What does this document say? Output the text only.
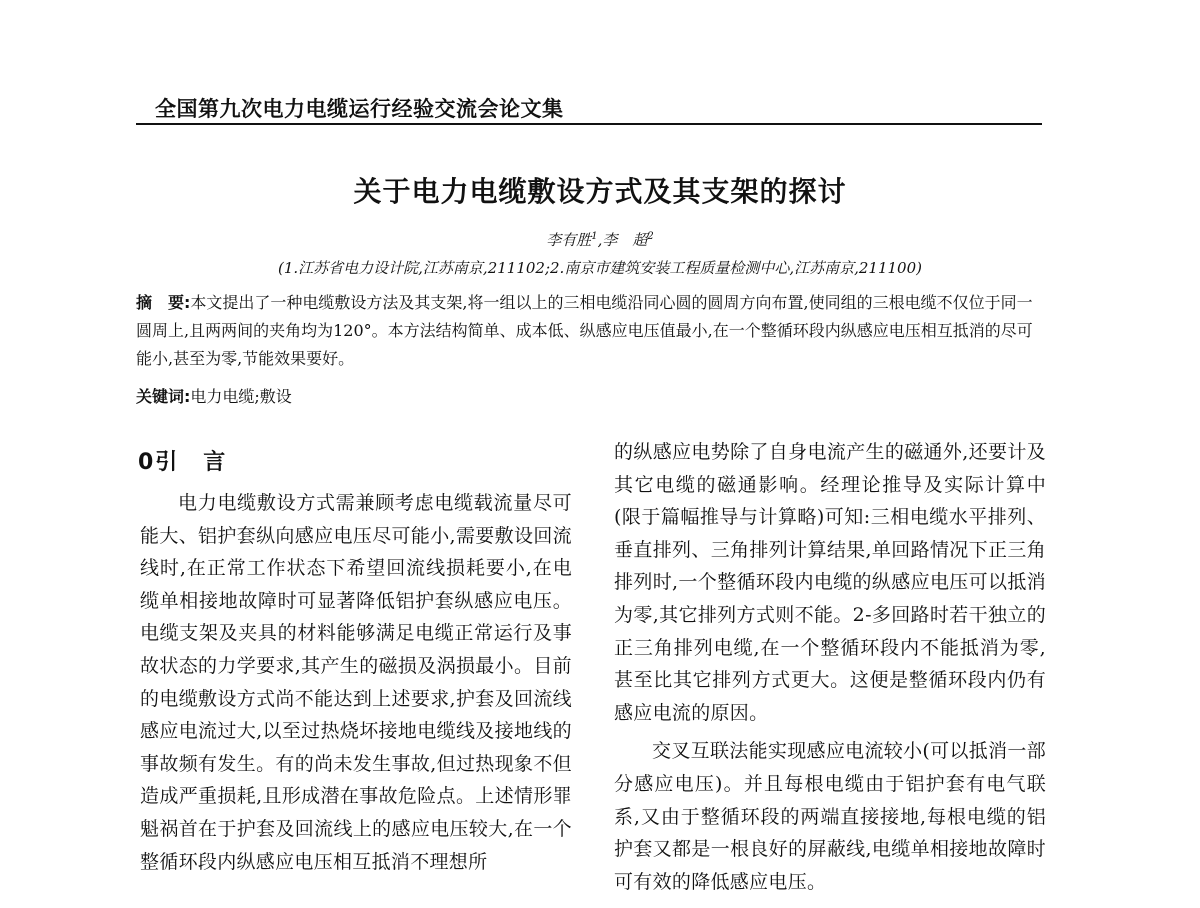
全国第九次电力电缆运行经验交流会论文集
关于电力电缆敷设方式及其支架的探讨
李有胜$^1$,李　超$^2$
(1.江苏省电力设计院,江苏南京,211102;2.南京市建筑安装工程质量检测中心,江苏南京,211100)
摘　要:本文提出了一种电缆敷设方法及其支架,将一组以上的三相电缆沿同心圆的圆周方向布置,使同组的三根电缆不仅位于同一圆周上,且两两间的夹角均为120°。本方法结构简单、成本低、纵感应电压值最小,在一个整循环段内纵感应电压相互抵消的尽可能小,甚至为零,节能效果要好。
关键词:电力电缆;敷设
0引　言

电力电缆敷设方式需兼顾考虑电缆载流量尽可能大、铝护套纵向感应电压尽可能小,需要敷设回流线时,在正常工作状态下希望回流线损耗要小,在电缆单相接地故障时可显著降低铝护套纵感应电压。电缆支架及夹具的材料能够满足电缆正常运行及事故状态的力学要求,其产生的磁损及涡损最小。目前的电缆敷设方式尚不能达到上述要求,护套及回流线感应电流过大,以至过热烧坏接地电缆线及接地线的事故频有发生。有的尚未发生事故,但过热现象不但造成严重损耗,且形成潜在事故危险点。上述情形罪魁祸首在于护套及回流线上的感应电压较大,在一个整循环段内纵感应电压相互抵消不理想所

的纵感应电势除了自身电流产生的磁通外,还要计及其它电缆的磁通影响。经理论推导及实际计算中(限于篇幅推导与计算略)可知:三相电缆水平排列、垂直排列、三角排列计算结果,单回路情况下正三角排列时,一个整循环段内电缆的纵感应电压可以抵消为零,其它排列方式则不能。2-多回路时若干独立的正三角排列电缆,在一个整循环段内不能抵消为零,甚至比其它排列方式更大。这便是整循环段内仍有感应电流的原因。

交叉互联法能实现感应电流较小(可以抵消一部分感应电压)。并且每根电缆由于铝护套有电气联系,又由于整循环段的两端直接接地,每根电缆的铝护套又都是一根良好的屏蔽线,电缆单相接地故障时可有效的降低感应电压。
